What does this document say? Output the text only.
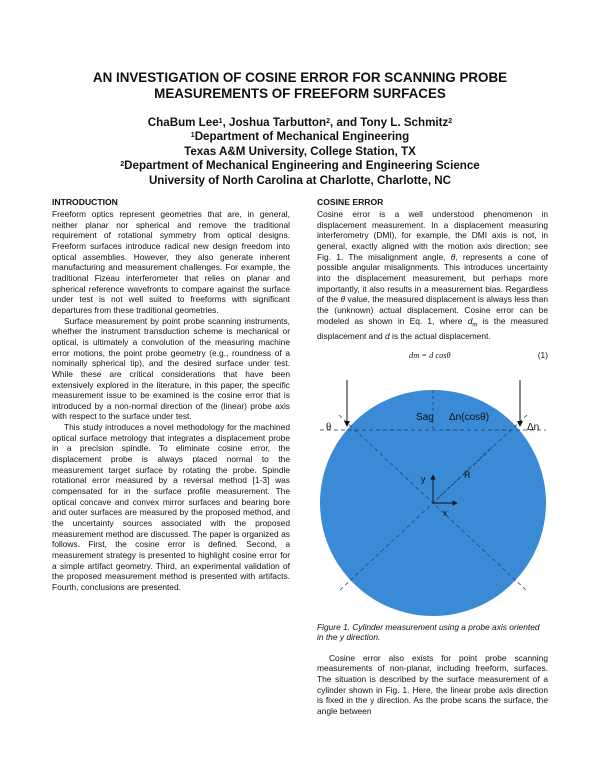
AN INVESTIGATION OF COSINE ERROR FOR SCANNING PROBE
MEASUREMENTS OF FREEFORM SURFACES
ChaBum Lee$^1$, Joshua Tarbutton$^2$, and Tony L. Schmitz$^2$
$^1$Department of Mechanical Engineering
Texas A&M University, College Station, TX
$^2$Department of Mechanical Engineering and Engineering Science
University of North Carolina at Charlotte, Charlotte, NC
INTRODUCTION

Freeform optics represent geometries that are, in general, neither planar nor spherical and remove the traditional requirement of rotational symmetry from optical designs. Freeform surfaces introduce radical new design freedom into optical assemblies. However, they also generate inherent manufacturing and measurement challenges. For example, the traditional Fizeau interferometer that relies on planar and spherical reference wavefronts to compare against the surface under test is not well suited to freeforms with significant departures from these traditional geometries.

Surface measurement by point probe scanning instruments, whether the instrument transduction scheme is mechanical or optical, is ultimately a convolution of the measuring machine error motions, the point probe geometry (e.g., roundness of a nominally spherical tip), and the desired surface under test. While these are critical considerations that have been extensively explored in the literature, in this paper, the specific measurement issue to be examined is the cosine error that is introduced by a non-normal direction of the (linear) probe axis with respect to the surface under test.

This study introduces a novel methodology for the machined optical surface metrology that integrates a displacement probe in a precision spindle. To eliminate cosine error, the displacement probe is always placed normal to the measurement target surface by rotating the probe. Spindle rotational error measured by a reversal method [1-3] was compensated for in the surface profile measurement. The optical concave and convex mirror surfaces and bearing bore and outer surfaces are measured by the proposed method, and the uncertainty sources associated with the proposed measurement method are discussed. The paper is organized as follows. First, the cosine error is defined. Second, a measurement strategy is presented to highlight cosine error for a simple artifact geometry. Third, an experimental validation of the proposed measurement method is presented with artifacts. Fourth, conclusions are presented.

COSINE ERROR

Cosine error is a well understood phenomenon in displacement measurement. In a displacement measuring interferometry (DMI), for example, the DMI axis is not, in general, exactly aligned with the motion axis direction; see Fig. 1. The misalignment angle, θ, represents a cone of possible angular misalignments. This introduces uncertainty into the displacement measurement, but perhaps more importantly, it also results in a measurement bias. Regardless of the θ value, the measured displacement is always less than the (unknown) actual displacement. Cosine error can be modeled as shown in Eq. 1, where $d_m$ is the measured displacement and d is the actual displacement.

dm = d cosθ	(1)
Sag Δn(cosθ)
θ	Δn
y
x
R

Figure 1. Cylinder measurement using a probe axis oriented in the y direction.

Cosine error also exists for point probe scanning measurements of non-planar, including freeform, surfaces. The situation is described by the surface measurement of a cylinder shown in Fig. 1. Here, the linear probe axis direction is fixed in the y direction. As the probe scans the surface, the angle between
